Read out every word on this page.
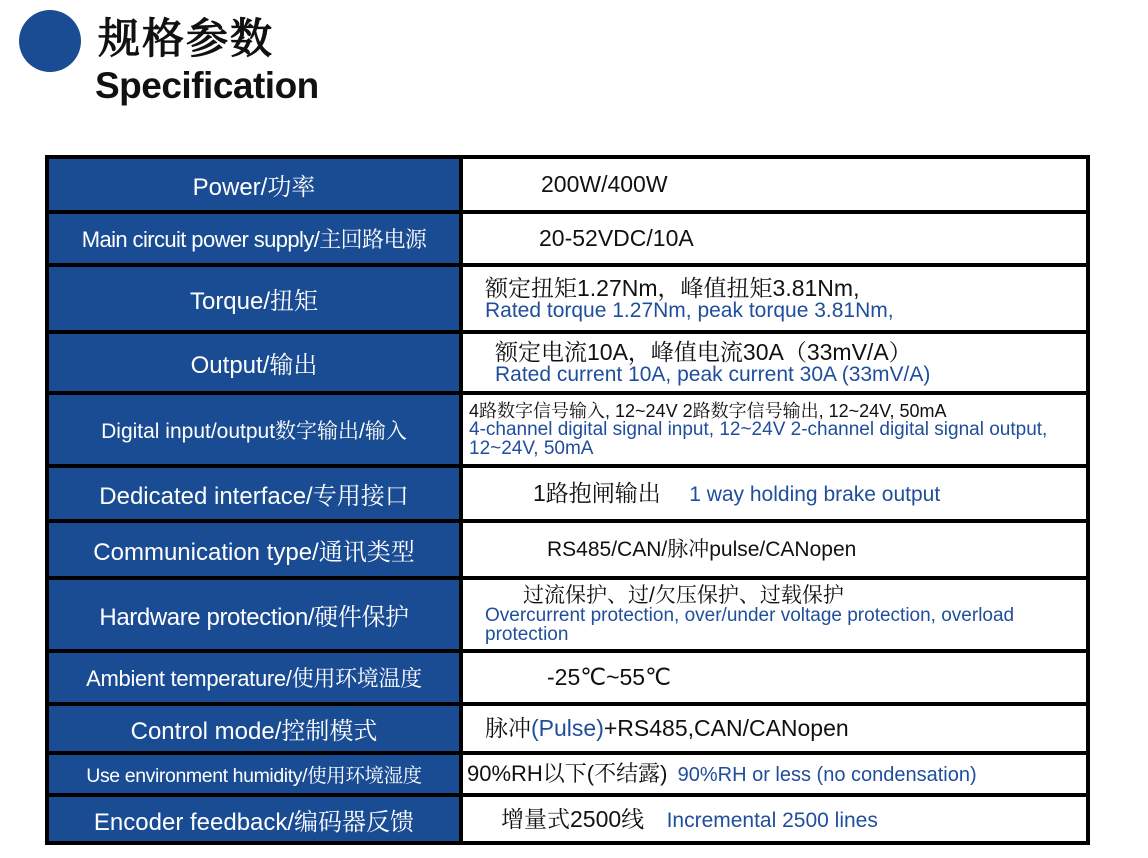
规格参数
Specification
Power/功率	200W/400W
Main circuit power supply/主回路电源	20-52VDC/10A
Torque/扭矩	额定扭矩1.27Nm，峰值扭矩3.81Nm,
Rated torque 1.27Nm, peak torque 3.81Nm,

Output/输出	额定电流10A，峰值电流30A（33mV/A）
Rated current 10A, peak current 30A (33mV/A)

Digital input/output数字输出/输入	4路数字信号输入, 12~24V 2路数字信号输出, 12~24V, 50mA
4-channel digital signal input, 12~24V 2-channel digital signal output, 12~24V, 50mA

Dedicated interface/专用接口	1路抱闸输出 1 way holding brake output
Communication type/通讯类型	RS485/CAN/脉冲pulse/CANopen
Hardware protection/硬件保护	过流保护、过/欠压保护、过载保护
Overcurrent protection, over/under voltage protection, overload protection

Ambient temperature/使用环境温度	-25℃~55℃
Control mode/控制模式	脉冲(Pulse)+RS485,CAN/CANopen
Use environment humidity/使用环境湿度	90%RH以下(不结露) 90%RH or less (no condensation)
Encoder feedback/编码器反馈	增量式2500线 Incremental 2500 lines
